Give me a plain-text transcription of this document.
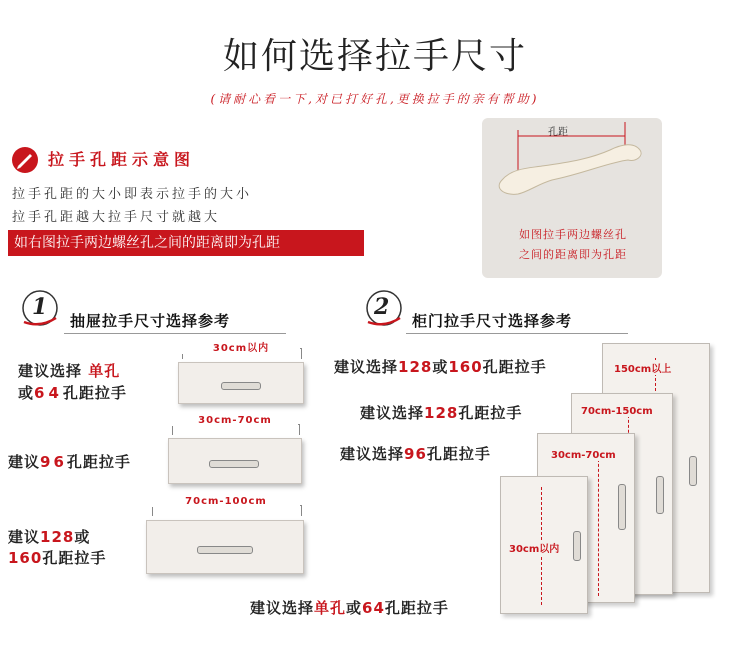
如何选择拉手尺寸
(请耐心看一下,对已打好孔,更换拉手的亲有帮助)
拉手孔距示意图
拉手孔距的大小即表示拉手的大小
拉手孔距越大拉手尺寸就越大
如右图拉手两边螺丝孔之间的距离即为孔距
孔距
如图拉手两边螺丝孔
之间的距离即为孔距
1
抽屉拉手尺寸选择参考
建议选择 单孔
或64孔距拉手
30cm以内
建议96孔距拉手
30cm-70cm
建议128或
160孔距拉手
70cm-100cm
2
柜门拉手尺寸选择参考
建议选择128或160孔距拉手
建议选择128孔距拉手
建议选择96孔距拉手
建议选择单孔或64孔距拉手
150cm以上
70cm-150cm
30cm-70cm
30cm以内
